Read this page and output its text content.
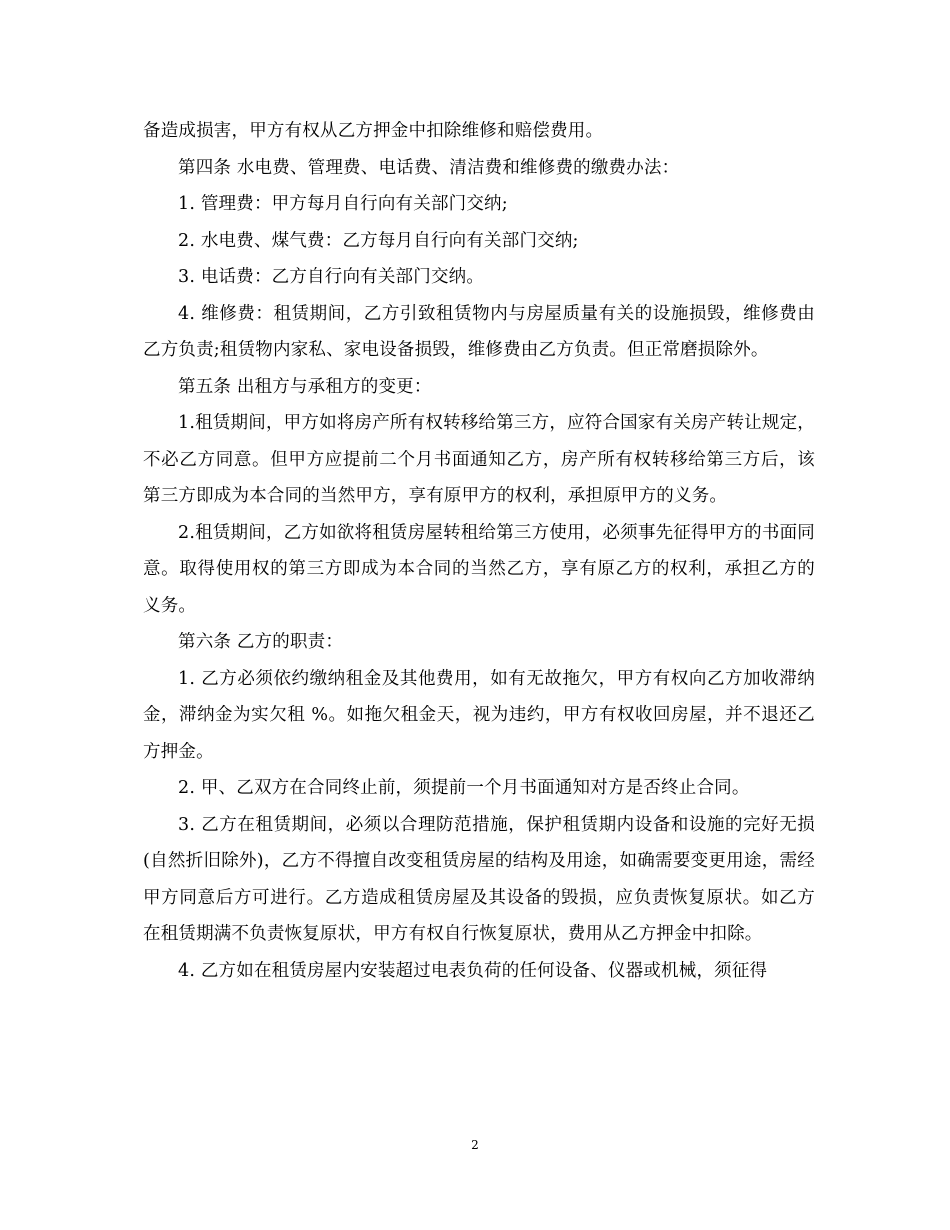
备造成损害，甲方有权从乙方押金中扣除维修和赔偿费用。

第四条 水电费、管理费、电话费、清洁费和维修费的缴费办法：

1. 管理费：甲方每月自行向有关部门交纳;

2. 水电费、煤气费：乙方每月自行向有关部门交纳;

3. 电话费：乙方自行向有关部门交纳。

4. 维修费：租赁期间，乙方引致租赁物内与房屋质量有关的设施损毁，维修费由乙方负责;租赁物内家私、家电设备损毁，维修费由乙方负责。但正常磨损除外。

第五条 出租方与承租方的变更：

1.租赁期间，甲方如将房产所有权转移给第三方，应符合国家有关房产转让规定，不必乙方同意。但甲方应提前二个月书面通知乙方，房产所有权转移给第三方后，该第三方即成为本合同的当然甲方，享有原甲方的权利，承担原甲方的义务。

2.租赁期间，乙方如欲将租赁房屋转租给第三方使用，必须事先征得甲方的书面同意。取得使用权的第三方即成为本合同的当然乙方，享有原乙方的权利，承担乙方的义务。

第六条 乙方的职责：

1. 乙方必须依约缴纳租金及其他费用，如有无故拖欠，甲方有权向乙方加收滞纳金，滞纳金为实欠租 %。如拖欠租金天，视为违约，甲方有权收回房屋，并不退还乙方押金。

2. 甲、乙双方在合同终止前，须提前一个月书面通知对方是否终止合同。

3. 乙方在租赁期间，必须以合理防范措施，保护租赁期内设备和设施的完好无损(自然折旧除外)，乙方不得擅自改变租赁房屋的结构及用途，如确需要变更用途，需经甲方同意后方可进行。乙方造成租赁房屋及其设备的毁损，应负责恢复原状。如乙方在租赁期满不负责恢复原状，甲方有权自行恢复原状，费用从乙方押金中扣除。

4. 乙方如在租赁房屋内安装超过电表负荷的任何设备、仪器或机械，须征得

2
